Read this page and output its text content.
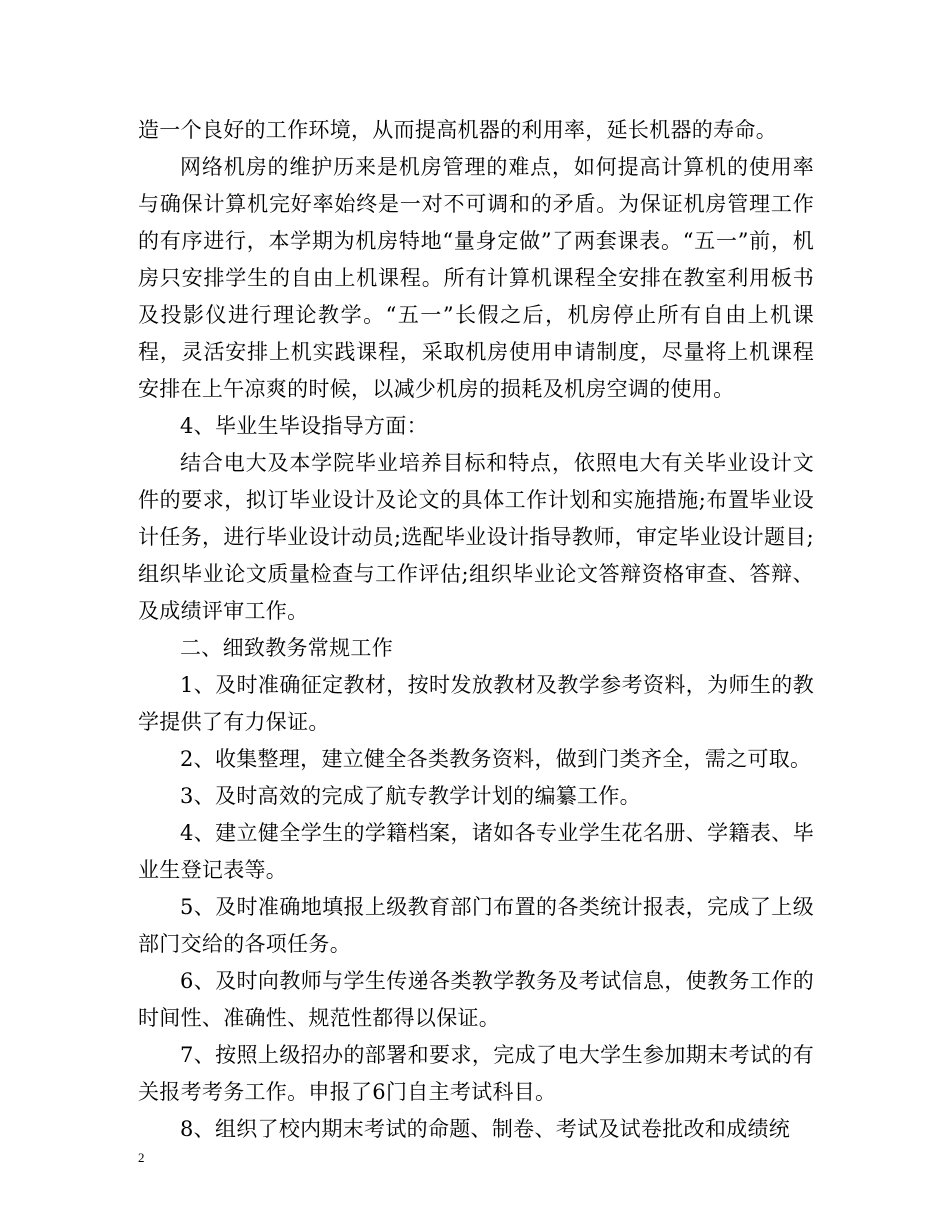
造一个良好的工作环境，从而提高机器的利用率，延长机器的寿命。

网络机房的维护历来是机房管理的难点，如何提高计算机的使用率与确保计算机完好率始终是一对不可调和的矛盾。为保证机房管理工作的有序进行，本学期为机房特地“量身定做”了两套课表。“五一”前，机房只安排学生的自由上机课程。所有计算机课程全安排在教室利用板书及投影仪进行理论教学。“五一”长假之后，机房停止所有自由上机课程，灵活安排上机实践课程，采取机房使用申请制度，尽量将上机课程安排在上午凉爽的时候，以减少机房的损耗及机房空调的使用。

4、毕业生毕设指导方面：

结合电大及本学院毕业培养目标和特点，依照电大有关毕业设计文件的要求，拟订毕业设计及论文的具体工作计划和实施措施;布置毕业设计任务，进行毕业设计动员;选配毕业设计指导教师，审定毕业设计题目;组织毕业论文质量检查与工作评估;组织毕业论文答辩资格审查、答辩、及成绩评审工作。

二、细致教务常规工作

1、及时准确征定教材，按时发放教材及教学参考资料，为师生的教学提供了有力保证。

2、收集整理，建立健全各类教务资料，做到门类齐全，需之可取。

3、及时高效的完成了航专教学计划的编纂工作。

4、建立健全学生的学籍档案，诸如各专业学生花名册、学籍表、毕业生登记表等。

5、及时准确地填报上级教育部门布置的各类统计报表，完成了上级部门交给的各项任务。

6、及时向教师与学生传递各类教学教务及考试信息，使教务工作的时间性、准确性、规范性都得以保证。

7、按照上级招办的部署和要求，完成了电大学生参加期末考试的有关报考考务工作。申报了6门自主考试科目。

8、组织了校内期末考试的命题、制卷、考试及试卷批改和成绩统

2
